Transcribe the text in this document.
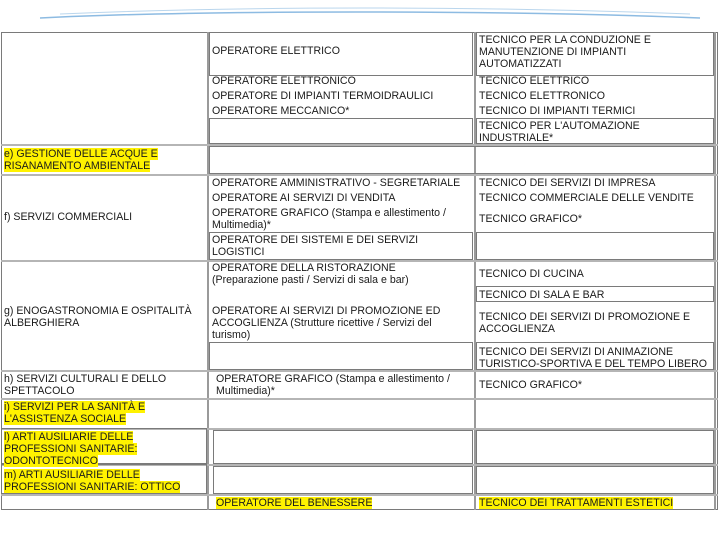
OPERATORE ELETTRICO
OPERATORE ELETTRONICO
OPERATORE DI IMPIANTI TERMOIDRAULICI
OPERATORE MECCANICO*
OPERATORE AMMINISTRATIVO - SEGRETARIALE
OPERATORE AI SERVIZI DI VENDITA
OPERATORE GRAFICO (Stampa e allestimento /
Multimedia)*
OPERATORE DEI SISTEMI E DEI SERVIZI
LOGISTICI
OPERATORE DELLA RISTORAZIONE
(Preparazione pasti / Servizi di sala e bar)
OPERATORE AI SERVIZI DI PROMOZIONE ED
ACCOGLIENZA (Strutture ricettive / Servizi del
turismo)
OPERATORE GRAFICO (Stampa e allestimento /
Multimedia)*
OPERATORE DEL BENESSERE
TECNICO PER LA CONDUZIONE E
MANUTENZIONE DI IMPIANTI
AUTOMATIZZATI
TECNICO ELETTRICO
TECNICO ELETTRONICO
TECNICO DI IMPIANTI TERMICI
TECNICO PER L'AUTOMAZIONE
INDUSTRIALE*
TECNICO DEI SERVIZI DI IMPRESA
TECNICO COMMERCIALE DELLE VENDITE
TECNICO GRAFICO*
TECNICO DI CUCINA
TECNICO DI SALA E BAR
TECNICO DEI SERVIZI DI PROMOZIONE E
ACCOGLIENZA
TECNICO DEI SERVIZI DI ANIMAZIONE
TURISTICO-SPORTIVA E DEL TEMPO LIBERO
TECNICO GRAFICO*
TECNICO DEI TRATTAMENTI ESTETICI
e) GESTIONE DELLE ACQUE E
RISANAMENTO AMBIENTALE
f) SERVIZI COMMERCIALI
g) ENOGASTRONOMIA E OSPITALITÀ
ALBERGHIERA
h) SERVIZI CULTURALI E DELLO
SPETTACOLO
i) SERVIZI PER LA SANITÀ E
L'ASSISTENZA SOCIALE
l) ARTI AUSILIARIE DELLE
PROFESSIONI SANITARIE:
ODONTOTECNICO
m) ARTI AUSILIARIE DELLE
PROFESSIONI SANITARIE: OTTICO
